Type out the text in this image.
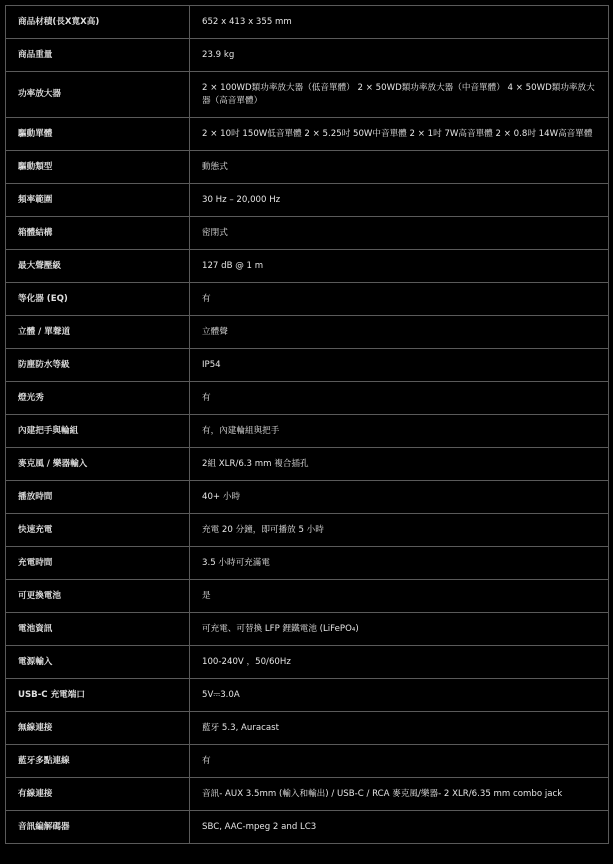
商品材積(長X寬X高)	652 x 413 x 355 mm
商品重量	23.9 kg
功率放大器	2 × 100WD類功率放大器（低音單體） 2 × 50WD類功率放大器（中音單體） 4 × 50WD類功率放大器（高音單體）
驅動單體	2 × 10吋 150W低音單體 2 × 5.25吋 50W中音單體 2 × 1吋 7W高音單體 2 × 0.8吋 14W高音單體
驅動類型	動態式
頻率範圍	30 Hz – 20,000 Hz
箱體結構	密閉式
最大聲壓級	127 dB @ 1 m
等化器 (EQ)	有
立體 / 單聲道	立體聲
防塵防水等級	IP54
燈光秀	有
內建把手與輪組	有，內建輪組與把手
麥克風 / 樂器輸入	2組 XLR/6.3 mm 複合插孔
播放時間	40+ 小時
快速充電	充電 20 分鐘，即可播放 5 小時
充電時間	3.5 小時可充滿電
可更換電池	是
電池資訊	可充電、可替換 LFP 鋰鐵電池 (LiFePO₄)
電源輸入	100-240V ，50/60Hz
USB-C 充電端口	5V⎓3.0A
無線連接	藍牙 5.3, Auracast
藍牙多點連線	有
有線連接	音訊- AUX 3.5mm (輸入和輸出) / USB-C / RCA 麥克風/樂器- 2 XLR/6.35 mm combo jack
音訊編解碼器	SBC, AAC-mpeg 2 and LC3
